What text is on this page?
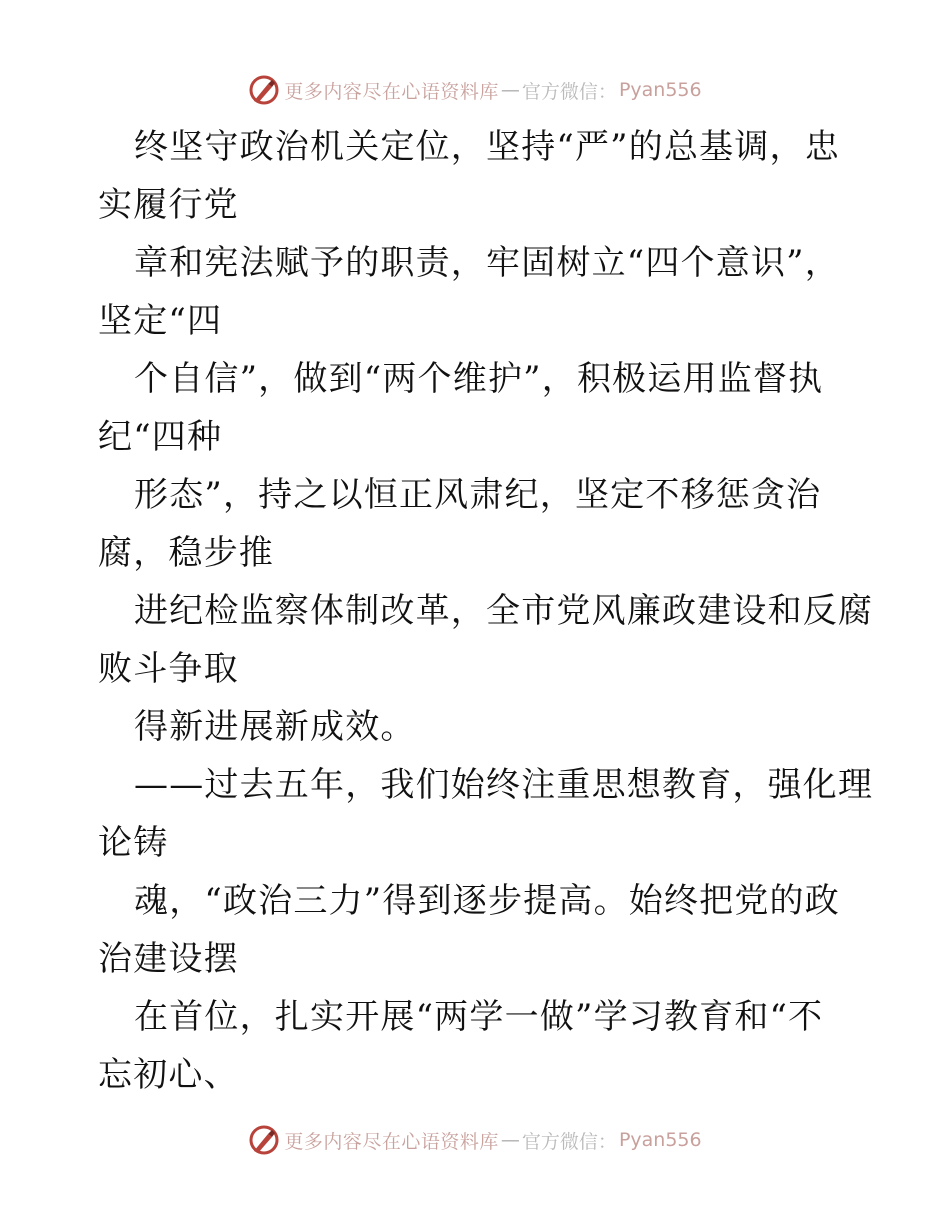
更多内容尽在心语资料库 — 官方微信： Pyan556
终坚守政治机关定位，坚持“严”的总基调，忠
实履行党
章和宪法赋予的职责，牢固树立“四个意识”，
坚定“四
个自信”，做到“两个维护”，积极运用监督执
纪“四种
形态”，持之以恒正风肃纪，坚定不移惩贪治
腐，稳步推
进纪检监察体制改革，全市党风廉政建设和反腐
败斗争取
得新进展新成效。
——过去五年，我们始终注重思想教育，强化理
论铸
魂，“政治三力”得到逐步提高。始终把党的政
治建设摆
在首位，扎实开展“两学一做”学习教育和“不
忘初心、
更多内容尽在心语资料库 — 官方微信： Pyan556
